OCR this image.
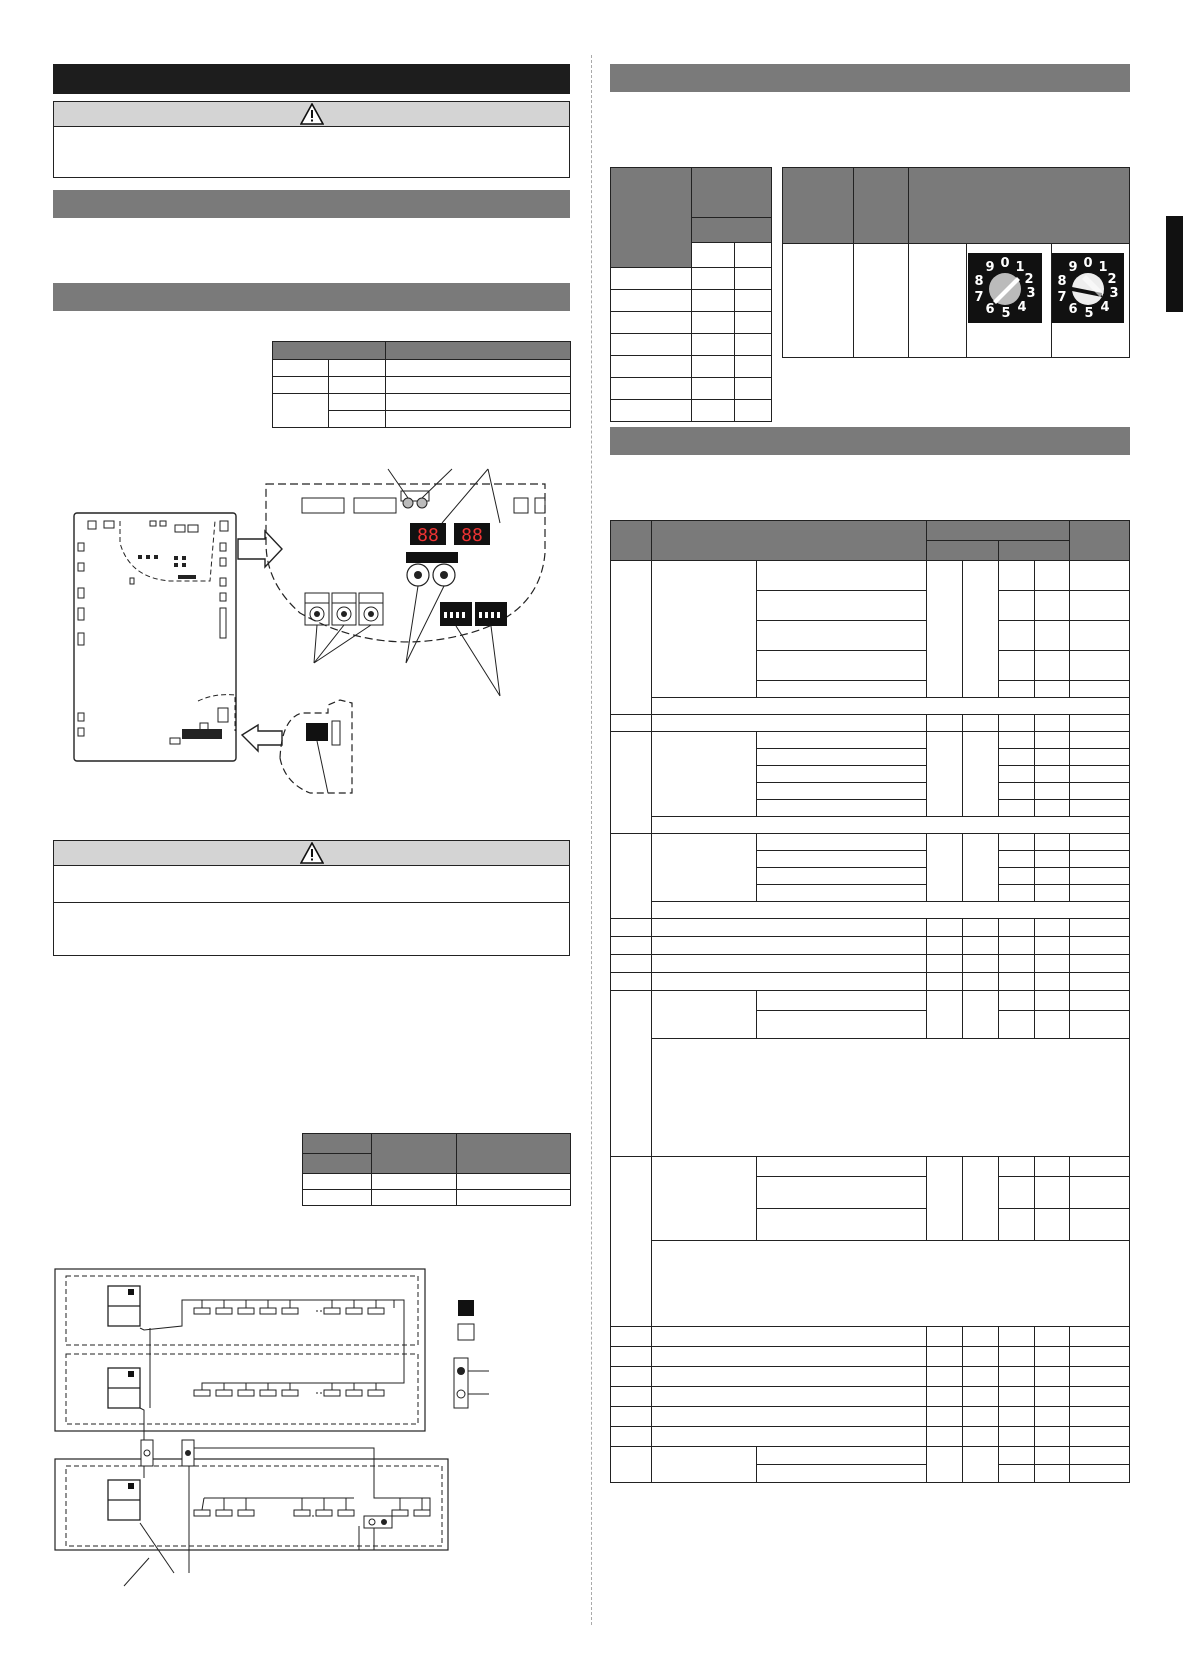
88 88

0 1
2
3
4
5
6
7
8
9	0 1
2
3
4
5
6
7
8
9
